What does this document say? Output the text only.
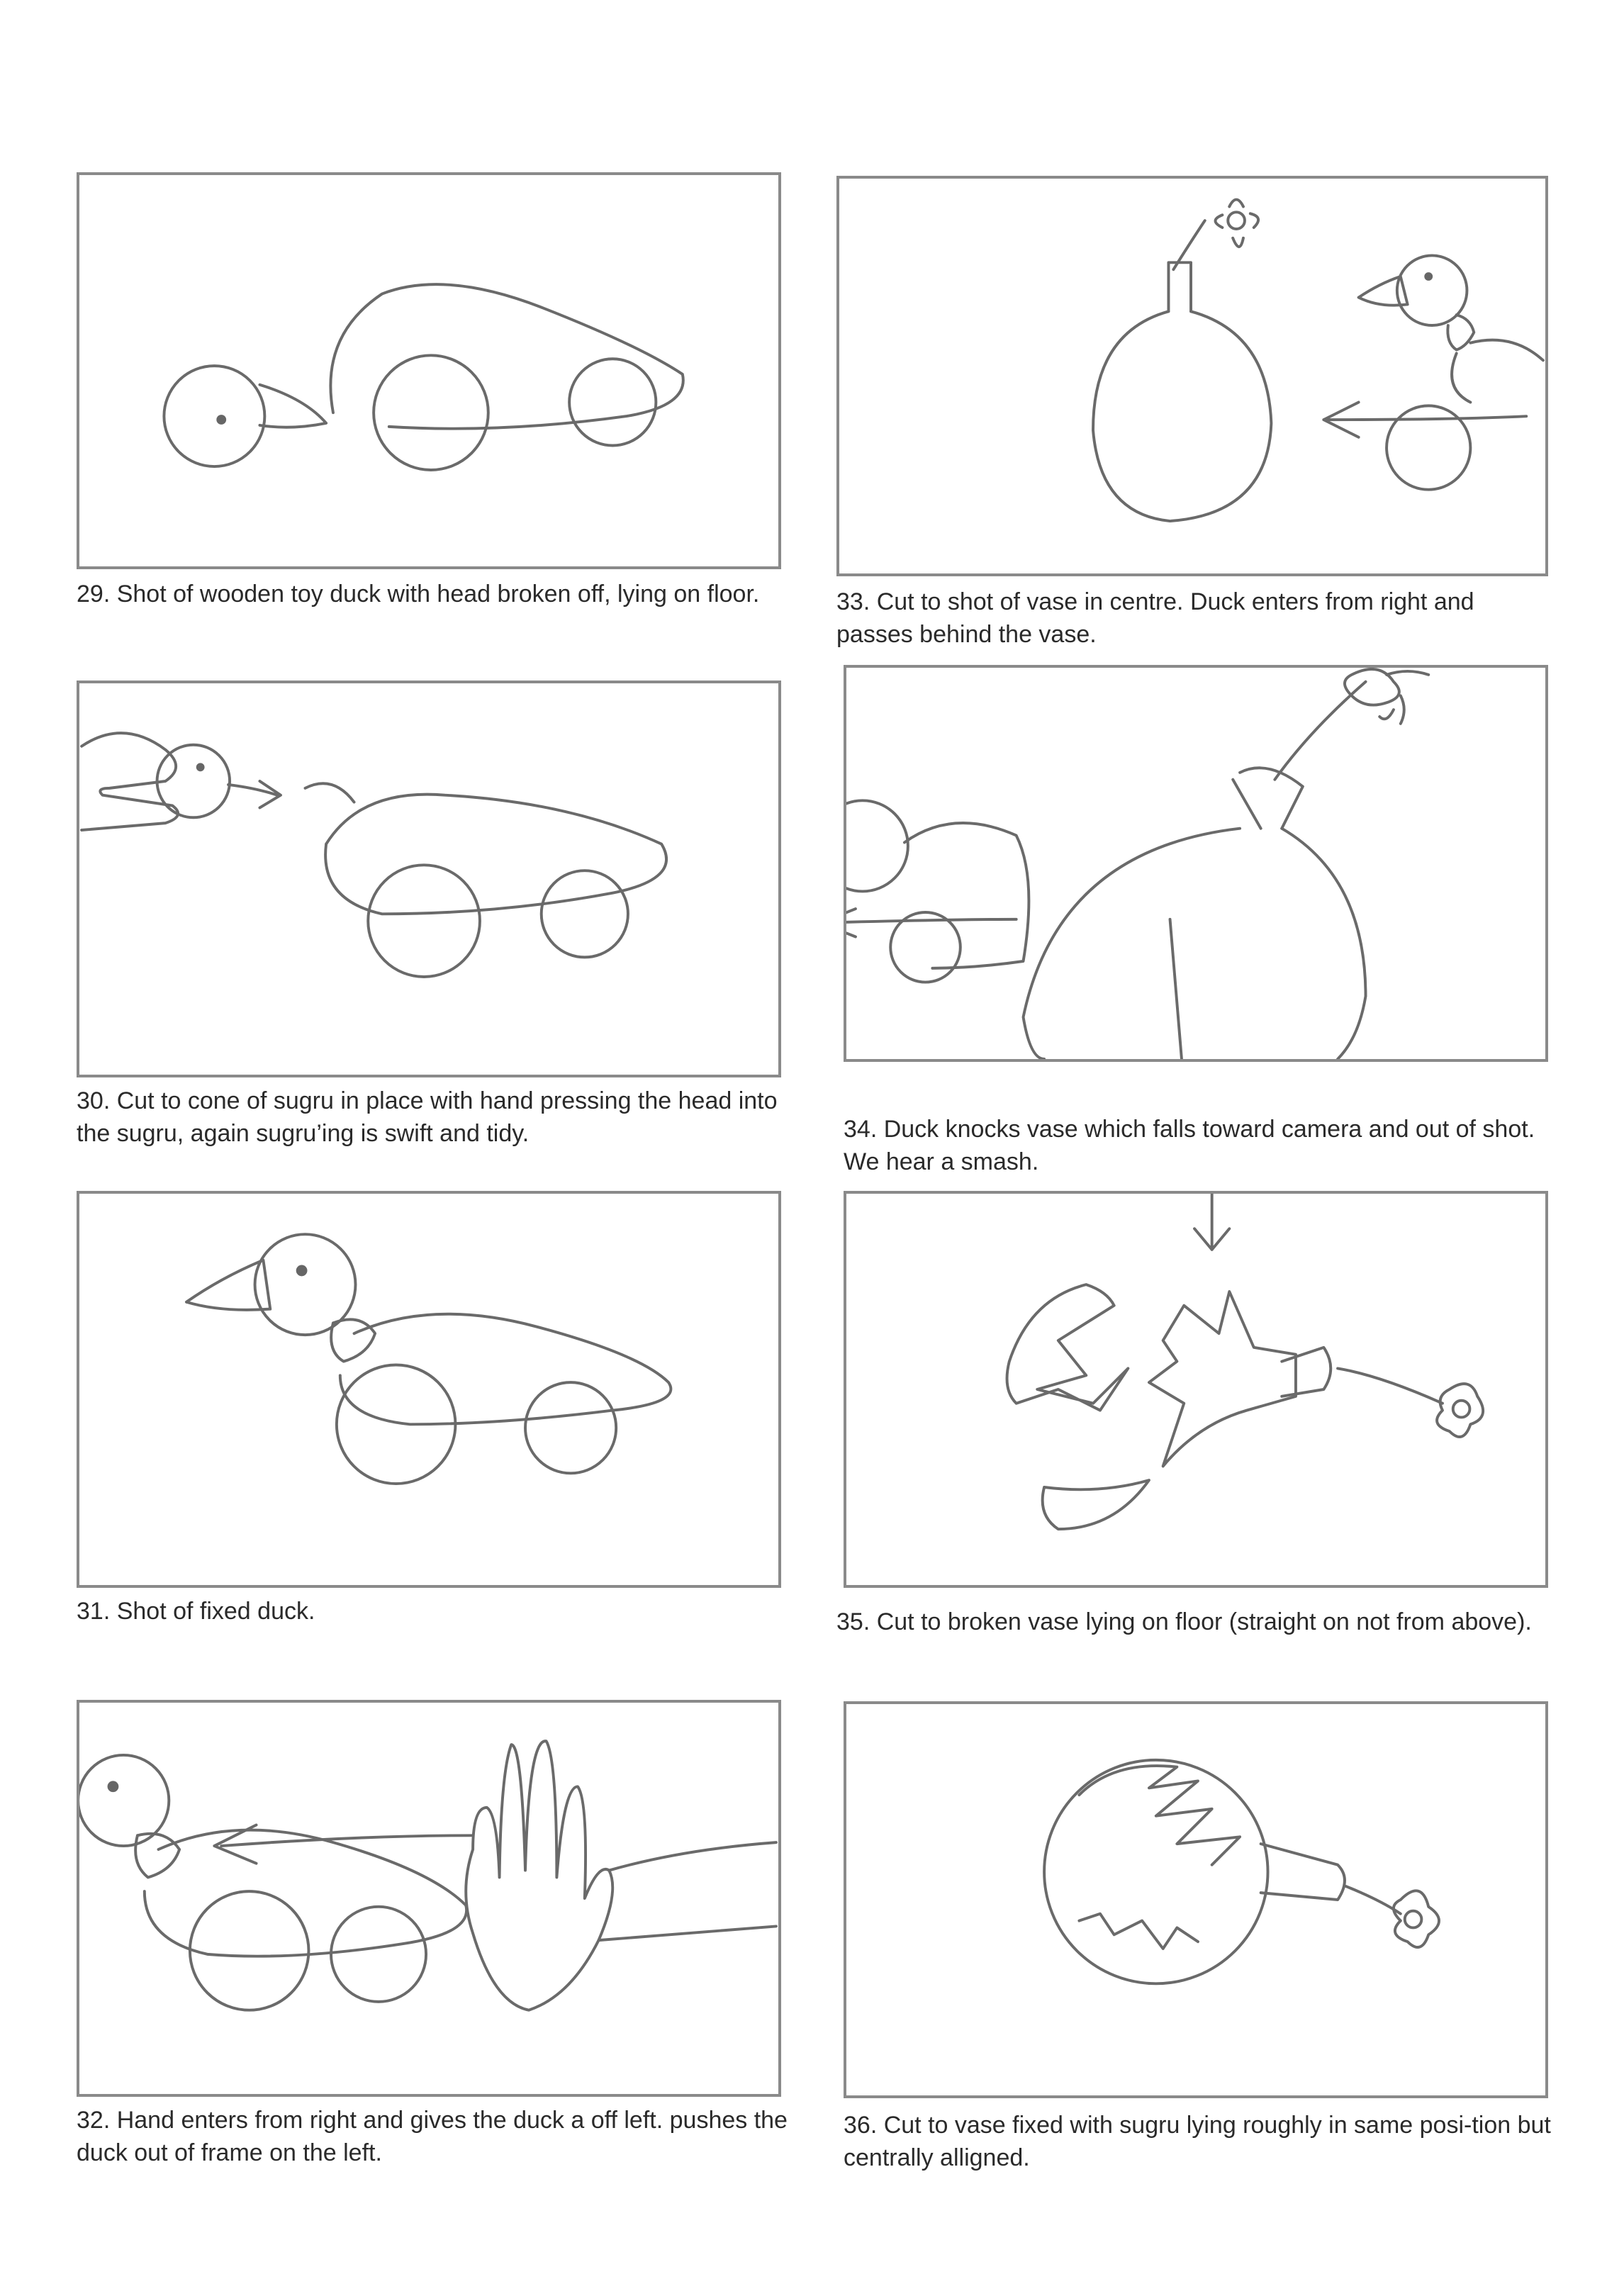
29. Shot of wooden toy duck with head broken off, lying on floor.
30. Cut to cone of sugru in place with hand pressing the head into the sugru, again sugru’ing is swift and tidy.
31. Shot of fixed duck.
32. Hand enters from right and gives the duck a off left. pushes the duck out of frame on the left.
33. Cut to shot of vase in centre. Duck enters from right and passes behind the vase.
34. Duck knocks vase which falls toward camera and out of shot. We hear a smash.
35. Cut to broken vase lying on floor (straight on not from above).
36. Cut to vase fixed with sugru lying roughly in same posi-tion but centrally alligned.
